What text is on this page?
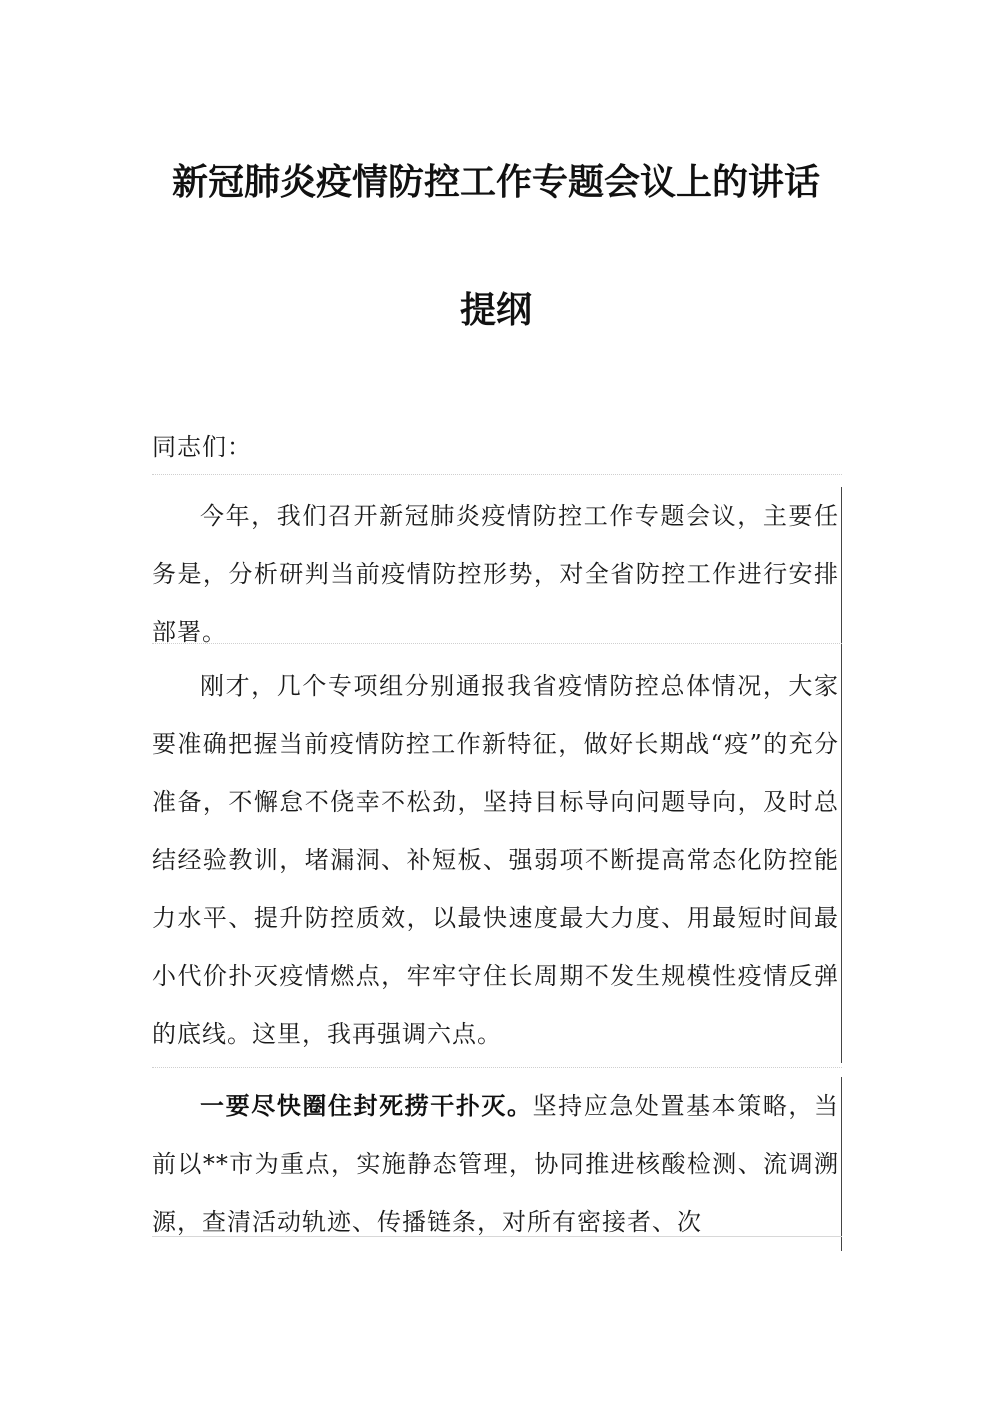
新冠肺炎疫情防控工作专题会议上的讲话
提纲
同志们：
今年，我们召开新冠肺炎疫情防控工作专题会议，主要任务是，分析研判当前疫情防控形势，对全省防控工作进行安排部署。
刚才，几个专项组分别通报我省疫情防控总体情况，大家要准确把握当前疫情防控工作新特征，做好长期战“疫”的充分准备，不懈怠不侥幸不松劲，坚持目标导向问题导向，及时总结经验教训，堵漏洞、补短板、强弱项不断提高常态化防控能力水平、提升防控质效，以最快速度最大力度、用最短时间最小代价扑灭疫情燃点，牢牢守住长周期不发生规模性疫情反弹的底线。这里，我再强调六点。
一要尽快圈住封死捞干扑灭。坚持应急处置基本策略，当前以**市为重点，实施静态管理，协同推进核酸检测、流调溯源，查清活动轨迹、传播链条，对所有密接者、次
